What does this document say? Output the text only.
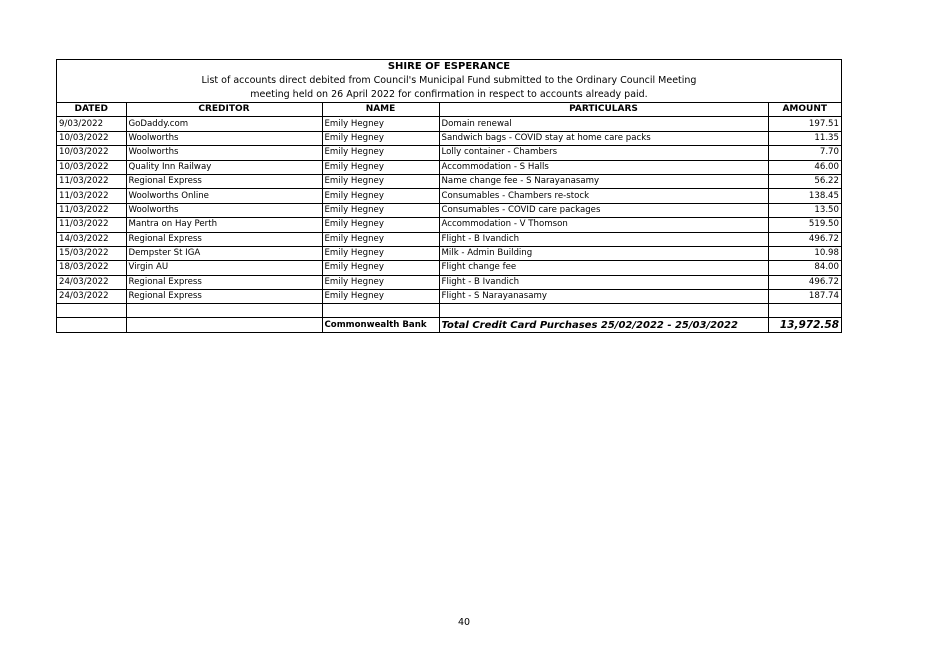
SHIRE OF ESPERANCE
List of accounts direct debited from Council's Municipal Fund submitted to the Ordinary Council Meeting
meeting held on 26 April 2022 for confirmation in respect to accounts already paid.
DATED	CREDITOR	NAME	PARTICULARS	AMOUNT
9/03/2022	GoDaddy.com	Emily Hegney	Domain renewal	197.51
10/03/2022	Woolworths	Emily Hegney	Sandwich bags - COVID stay at home care packs	11.35
10/03/2022	Woolworths	Emily Hegney	Lolly container - Chambers	7.70
10/03/2022	Quality Inn Railway	Emily Hegney	Accommodation - S Halls	46.00
11/03/2022	Regional Express	Emily Hegney	Name change fee - S Narayanasamy	56.22
11/03/2022	Woolworths Online	Emily Hegney	Consumables - Chambers re-stock	138.45
11/03/2022	Woolworths	Emily Hegney	Consumables - COVID care packages	13.50
11/03/2022	Mantra on Hay Perth	Emily Hegney	Accommodation - V Thomson	519.50
14/03/2022	Regional Express	Emily Hegney	Flight - B Ivandich	496.72
15/03/2022	Dempster St IGA	Emily Hegney	Milk - Admin Building	10.98
18/03/2022	Virgin AU	Emily Hegney	Flight change fee	84.00
24/03/2022	Regional Express	Emily Hegney	Flight - B Ivandich	496.72
24/03/2022	Regional Express	Emily Hegney	Flight - S Narayanasamy	187.74

		Commonwealth Bank	Total Credit Card Purchases 25/02/2022 - 25/03/2022	13,972.58
40
